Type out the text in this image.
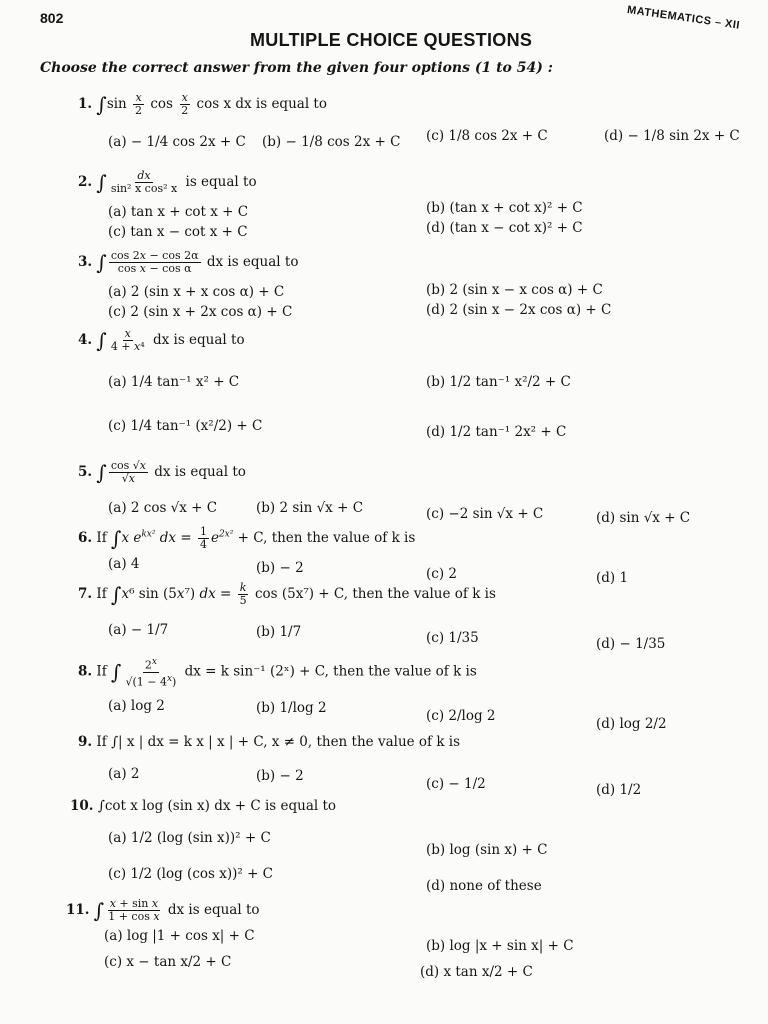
802	MATHEMATICS – XII
MULTIPLE CHOICE QUESTIONS
Choose the correct answer from the given four options (1 to 54) :
1. $\int\sin \frac{x}{2}$ $\cos \frac{x}{2}$ cos x dx is equal to
(a) − 1/4 cos 2x + C (b) − 1/8 cos 2x + C (c) 1/8 cos 2x + C	(d) − 1/8 sin 2x + C
2. ∫ $\frac{dx}{\text{sin² x cos² x}}$ is equal to
(a) tan x + cot x + C	(b) (tan x + cot x)² + C
(c) tan x − cot x + C	(d) (tan x − cot x)² + C
3. ∫ $\frac{\cos 2x - \cos 2\alpha}{\text{cos x − cos α}}$ dx is equal to
(a) 2 (sin x + x cos α) + C	(b) 2 (sin x − x cos α) + C
(c) 2 (sin x + 2x cos α) + C	(d) 2 (sin x − 2x cos α) + C
4. ∫ $\frac{x}{\text{4 + x⁴}}$ dx is equal to
(a) 1/4 tan⁻¹ x² + C	(b) 1/2 tan⁻¹ x²/2 + C
(c) 1/4 tan⁻¹ (x²/2) + C	(d) 1/2 tan⁻¹ 2x² + C
5. ∫ $\frac{\cos √x}{√x}$ dx is equal to
(a) 2 cos √x + C	(b) 2 sin √x + C	(c) −2 sin √x + C	(d) sin √x + C
6. If ∫x $e^{kx^2}$ dx = $\frac{1}{4} e^{2x^2} + C$, then the value of k is
(a) 4	(b) − 2	(c) 2	(d) 1
7. If ∫x⁶ sin (5x⁷) dx = $\frac{k}{5}$ cos (5x⁷) + C, then the value of k is
(a) − 1/7	(b) 1/7	(c) 1/35	(d) − 1/35
8. If ∫ $\frac{2^x}{√(1 - 4^x)}$ dx = k sin⁻¹ (2ˣ) + C, then the value of k is
(a) log 2	(b) 1/log 2	(c) 2/log 2	(d) log 2/2
9. If ∫| x | dx = k x | x | + C, x ≠ 0, then the value of k is
(a) 2	(b) − 2	(c) − 1/2	(d) 1/2
10. ∫cot x log (sin x) dx + C is equal to
(a) 1/2 (log (sin x))² + C
(b) log (sin x) + C
(c) 1/2 (log (cos x))² + C
(d) none of these
11. ∫ $\frac{\text{x + sin x}}{\text{1 + cos x}}$ dx is equal to
(a) log |1 + cos x| + C
(b) log |x + sin x| + C
(c) x − tan x/2 + C
(d) x tan x/2 + C
